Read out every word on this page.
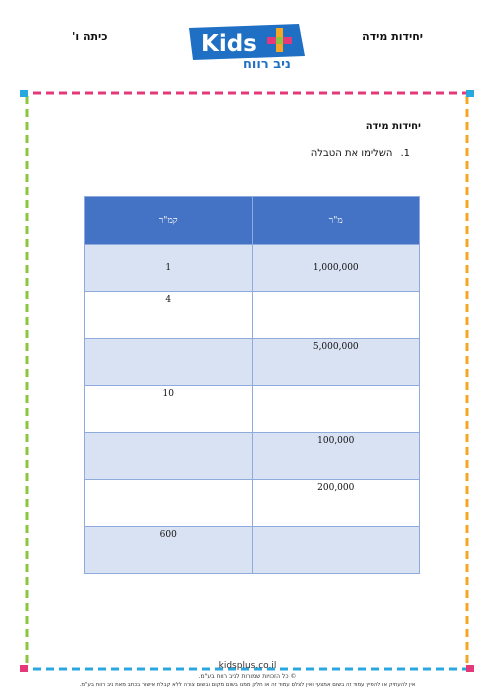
יחידות מידה
כיתה ו'	Kids
ניב רווח
יחידות מידה
1.השלימו את הטבלה
קמ"ר	מ"ר
1	1,000,000

4	

	5,000,000

10	

	100,000

	200,000

600	

kidsplus.co.il
© כל הזכויות שמורות לניב רווח בע"מ.
אין להעתיק או להפיץ עמוד זה בשום אמצעי ואין לצלם עמוד זה או חלק ממנו בשום מקום ובשום צורה ללא קבלת אישור בכתב מאת ניב רווח בע"מ.
